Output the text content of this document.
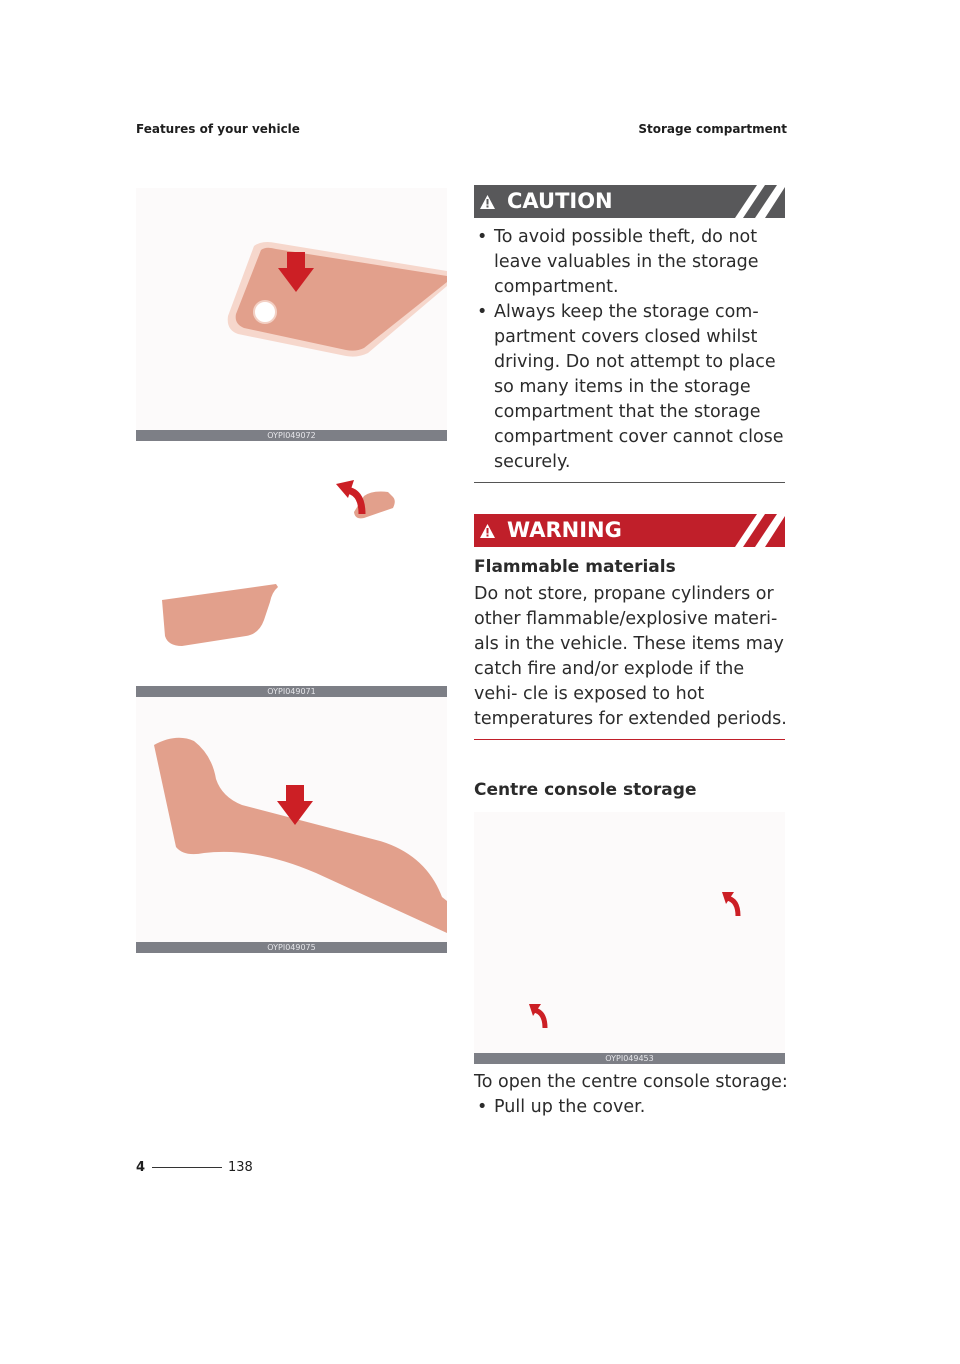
Features of your vehicle	Storage compartment
OYPI049072
OYPI049071
OYPI049075
CAUTION
• To avoid possible theft, do not leave valuables in the storage compartment.
• Always keep the storage com- partment covers closed whilst driving. Do not attempt to place so many items in the storage compartment that the storage compartment cover cannot close securely.
WARNING
Flammable materials

Do not store, propane cylinders or other flammable/explosive materi- als in the vehicle. These items may catch fire and/or explode if the vehi- cle is exposed to hot temperatures for extended periods.

Centre console storage
OYPI049453

To open the centre console storage:

• Pull up the cover.
4	138
